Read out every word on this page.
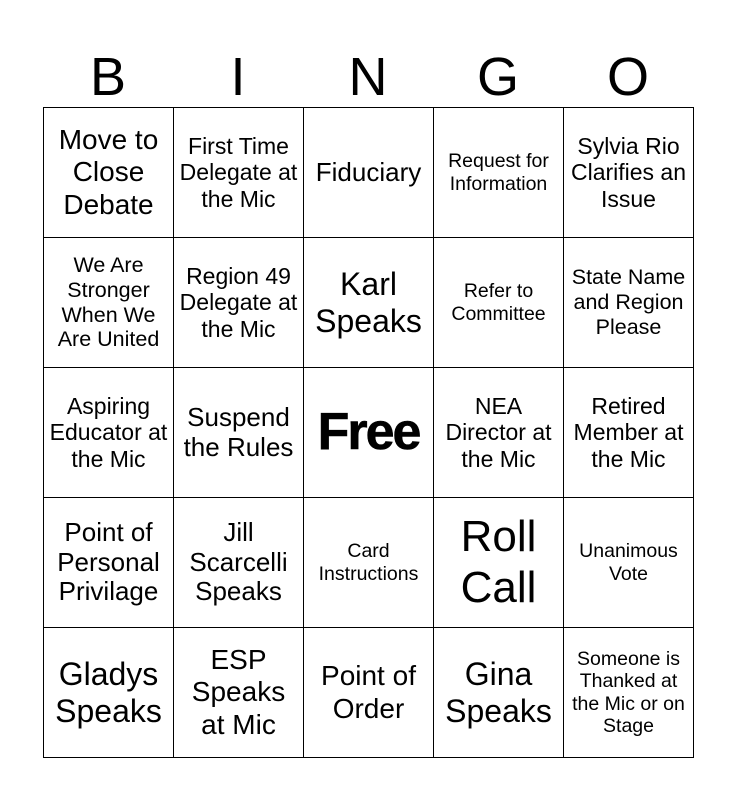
B	I	N	G	O
Move to Close Debate	First Time Delegate at the Mic	Fiduciary	Request for Information	Sylvia Rio Clarifies an Issue
We Are Stronger When We Are United	Region 49 Delegate at the Mic	Karl Speaks	Refer to Committee	State Name and Region Please
Aspiring Educator at the Mic	Suspend the Rules	Free	NEA Director at the Mic	Retired Member at the Mic
Point of Personal Privilage	Jill Scarcelli Speaks	Card Instructions	Roll Call	Unanimous Vote
Gladys Speaks	ESP Speaks at Mic	Point of Order	Gina Speaks	Someone is Thanked at the Mic or on Stage
